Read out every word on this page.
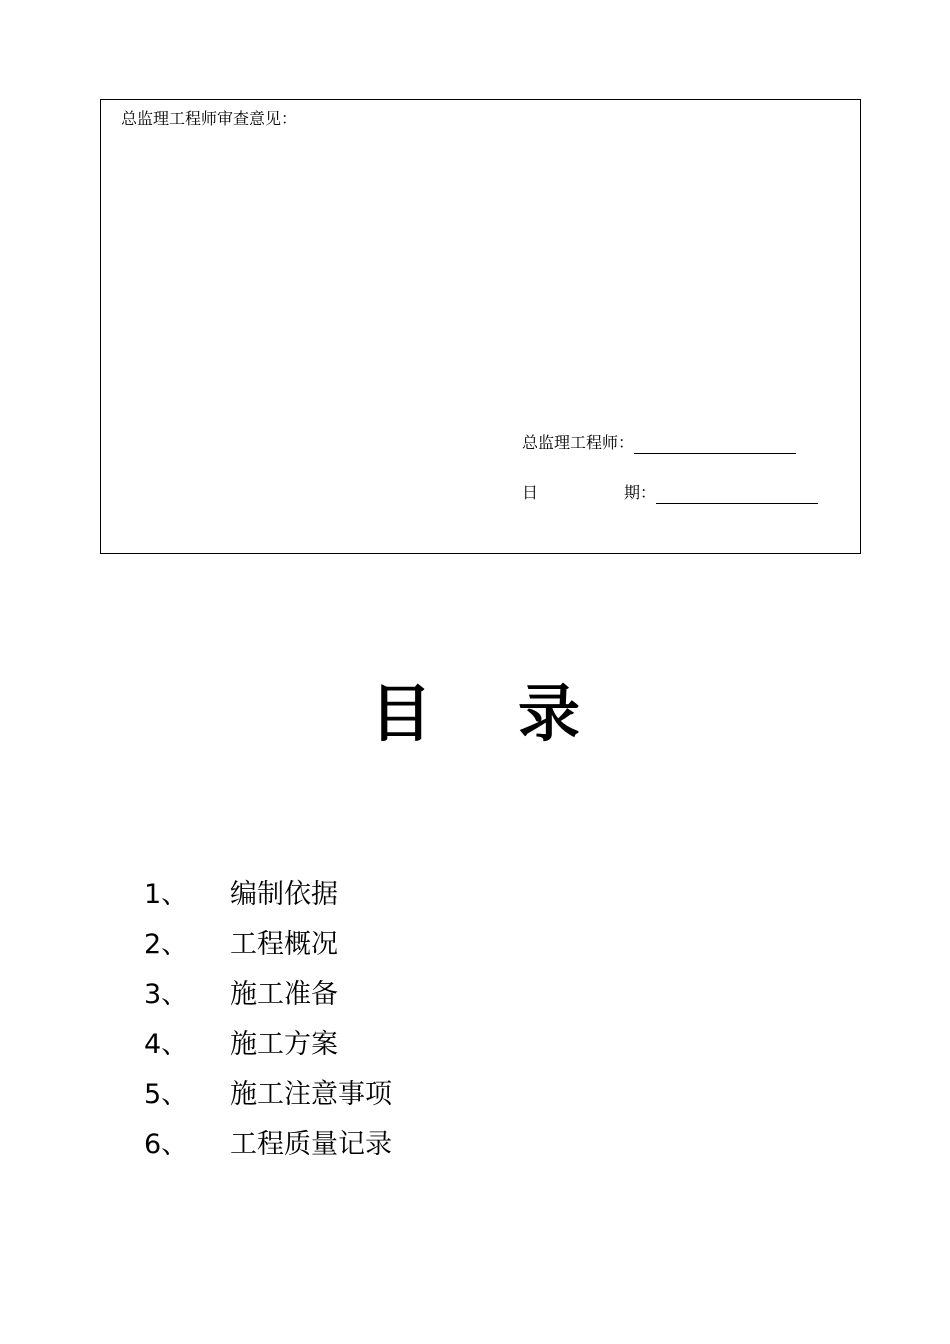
总监理工程师审查意见：
总监理工程师：
日	期：
目 录
1、	编制依据
2、	工程概况
3、	施工准备
4、	施工方案
5、	施工注意事项
6、	工程质量记录
